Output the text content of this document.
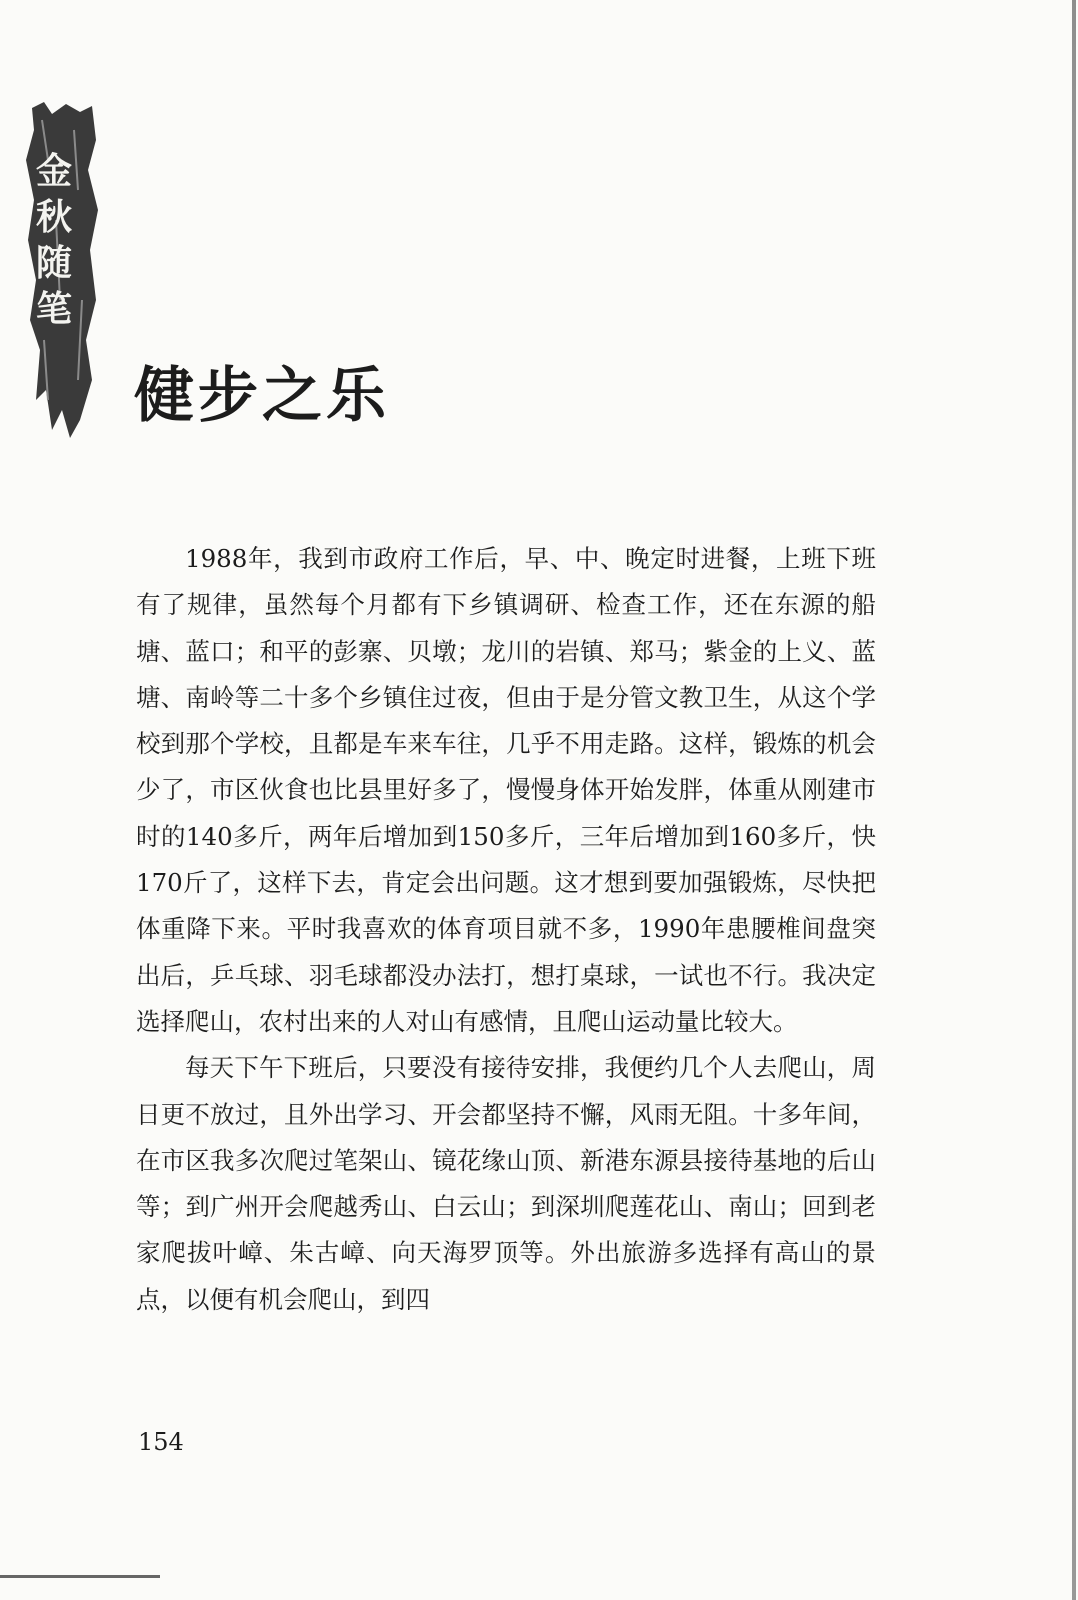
金
秋
随
笔
健步之乐

1988年，我到市政府工作后，早、中、晚定时进餐，上班下班有了规律，虽然每个月都有下乡镇调研、检查工作，还在东源的船塘、蓝口；和平的彭寨、贝墩；龙川的岩镇、郑马；紫金的上义、蓝塘、南岭等二十多个乡镇住过夜，但由于是分管文教卫生，从这个学校到那个学校，且都是车来车往，几乎不用走路。这样，锻炼的机会少了，市区伙食也比县里好多了，慢慢身体开始发胖，体重从刚建市时的140多斤，两年后增加到150多斤，三年后增加到160多斤，快170斤了，这样下去，肯定会出问题。这才想到要加强锻炼，尽快把体重降下来。平时我喜欢的体育项目就不多，1990年患腰椎间盘突出后，乒乓球、羽毛球都没办法打，想打桌球，一试也不行。我决定选择爬山，农村出来的人对山有感情，且爬山运动量比较大。

每天下午下班后，只要没有接待安排，我便约几个人去爬山，周日更不放过，且外出学习、开会都坚持不懈，风雨无阻。十多年间，在市区我多次爬过笔架山、镜花缘山顶、新港东源县接待基地的后山等；到广州开会爬越秀山、白云山；到深圳爬莲花山、南山；回到老家爬拔叶嶂、朱古嶂、向天海罗顶等。外出旅游多选择有高山的景点，以便有机会爬山，到四

154
